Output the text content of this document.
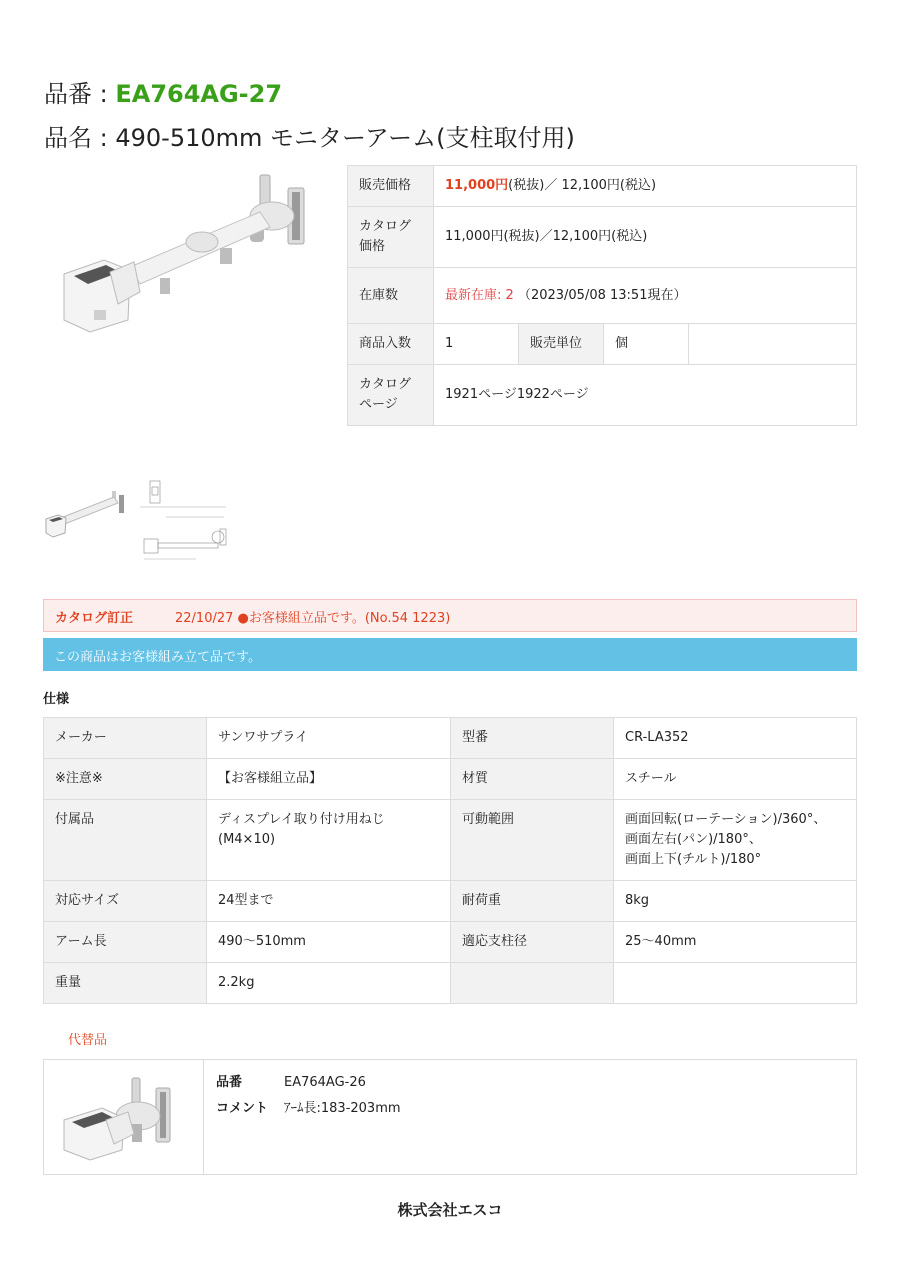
品番 : EA764AG-27
品名 : 490-510mm モニターアーム(支柱取付用)
販売価格	11,000円(税抜)／ 12,100円(税込)			
カタログ価格	11,000円(税抜)／12,100円(税込)			
在庫数	最新在庫: 2 （2023/05/08 13:51現在）			
商品入数	1	販売単位	個	
カタログページ	1921ページ1922ページ			
カタログ訂正	22/10/27 ●お客様組立品です。(No.54 1223)
この商品はお客様組み立て品です。
仕様
メーカー	サンワサプライ	型番	CR-LA352
※注意※	【お客様組立品】	材質	スチール
付属品	ディスプレイ取り付け用ねじ(M4×10)	可動範囲	画面回転(ローテーション)/360°、
画面左右(パン)/180°、
画面上下(チルト)/180°

対応サイズ	24型まで	耐荷重	8kg
アーム長	490〜510mm	適応支柱径	25〜40mm
重量	2.2kg		
代替品
品番	EA764AG-26
コメント ｱｰﾑ長:183-203mm
株式会社エスコ
